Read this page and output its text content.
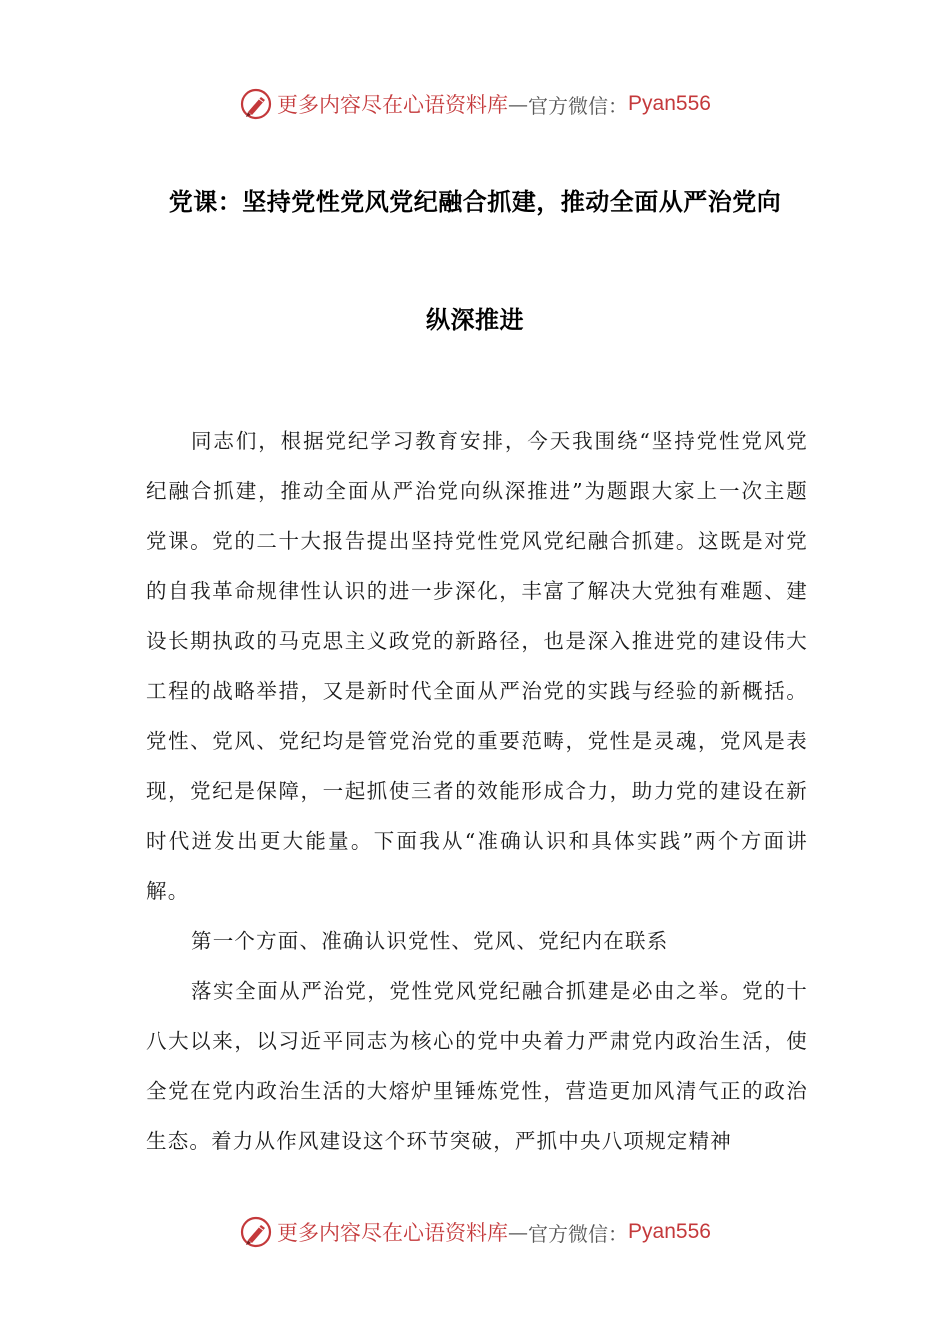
更多内容尽在心语资料库 — 官方微信： Pyan556
党课：坚持党性党风党纪融合抓建，推动全面从严治党向
纵深推进

同志们，根据党纪学习教育安排，今天我围绕“坚持党性党风党纪融合抓建，推动全面从严治党向纵深推进”为题跟大家上一次主题党课。党的二十大报告提出坚持党性党风党纪融合抓建。这既是对党的自我革命规律性认识的进一步深化，丰富了解决大党独有难题、建设长期执政的马克思主义政党的新路径，也是深入推进党的建设伟大工程的战略举措，又是新时代全面从严治党的实践与经验的新概括。党性、党风、党纪均是管党治党的重要范畴，党性是灵魂，党风是表现，党纪是保障，一起抓使三者的效能形成合力，助力党的建设在新时代迸发出更大能量。下面我从“准确认识和具体实践”两个方面讲解。

第一个方面、准确认识党性、党风、党纪内在联系

落实全面从严治党，党性党风党纪融合抓建是必由之举。党的十八大以来，以习近平同志为核心的党中央着力严肃党内政治生活，使全党在党内政治生活的大熔炉里锤炼党性，营造更加风清气正的政治生态。着力从作风建设这个环节突破，严抓中央八项规定精神

更多内容尽在心语资料库 — 官方微信： Pyan556
